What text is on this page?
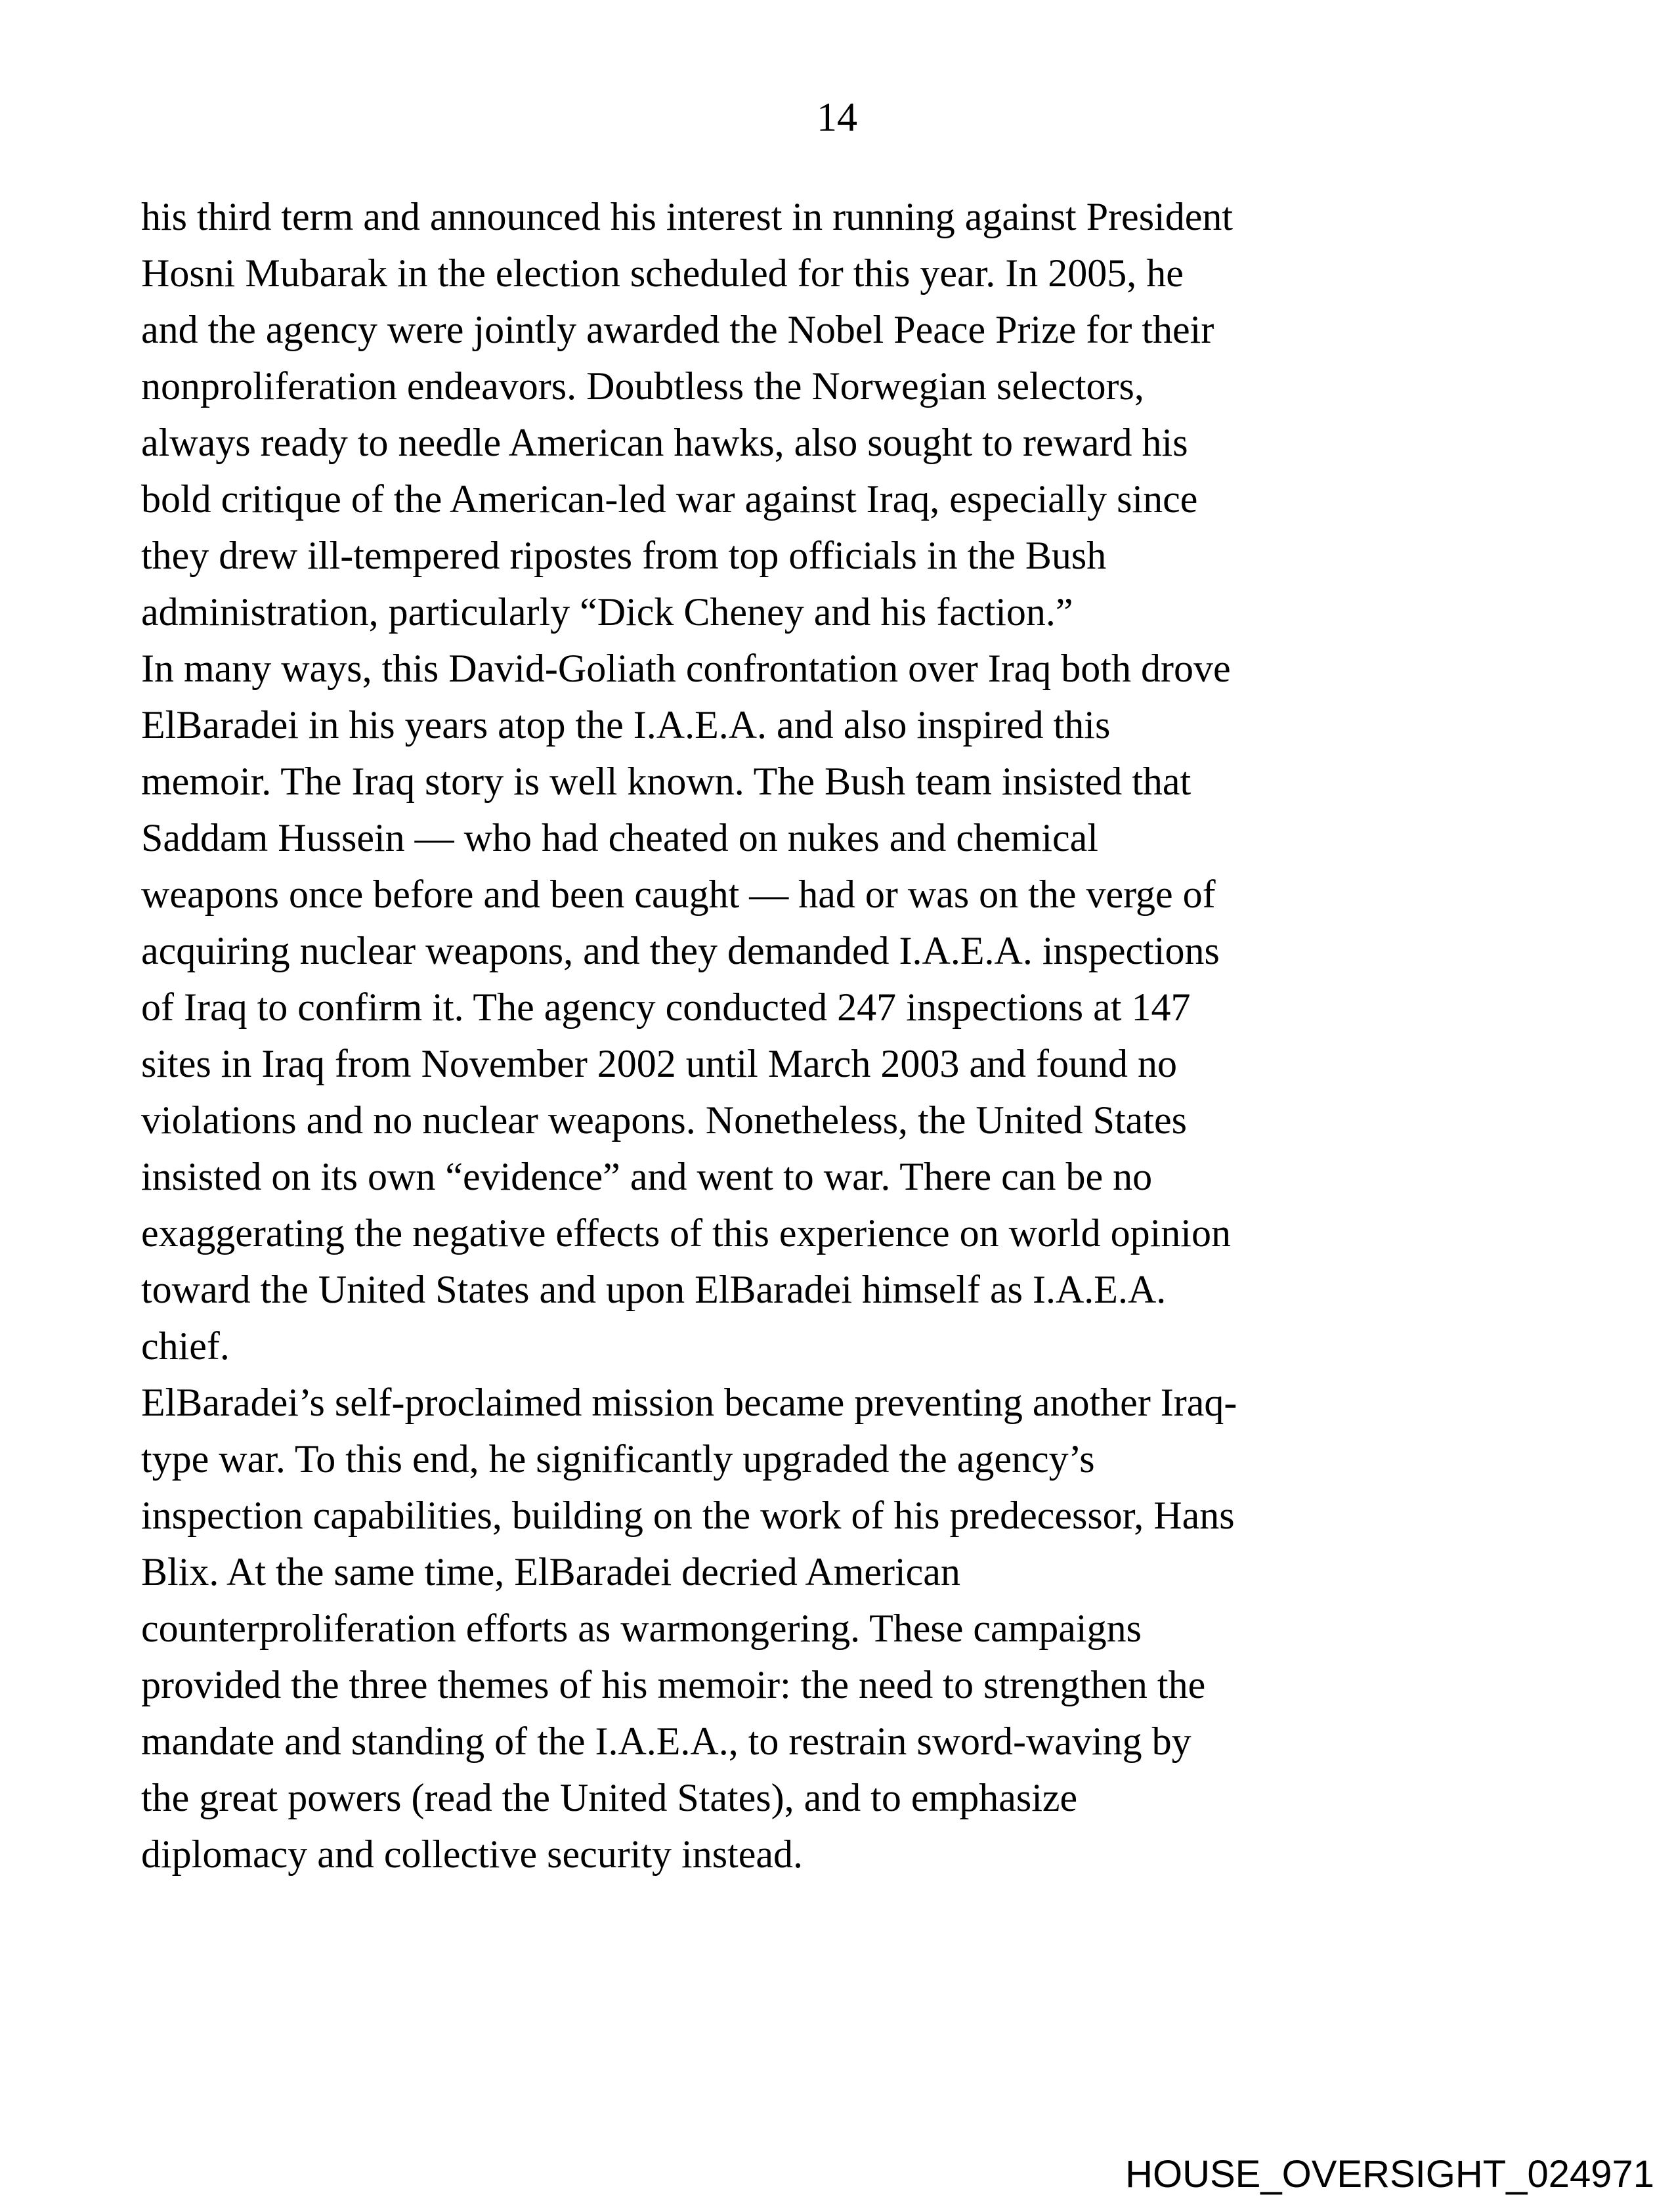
14
his third term and announced his interest in running against President
Hosni Mubarak in the election scheduled for this year. In 2005, he
and the agency were jointly awarded the Nobel Peace Prize for their
nonproliferation endeavors. Doubtless the Norwegian selectors,
always ready to needle American hawks, also sought to reward his
bold critique of the American-led war against Iraq, especially since
they drew ill-tempered ripostes from top officials in the Bush
administration, particularly “Dick Cheney and his faction.”
In many ways, this David-Goliath confrontation over Iraq both drove
ElBaradei in his years atop the I.A.E.A. and also inspired this
memoir. The Iraq story is well known. The Bush team insisted that
Saddam Hussein — who had cheated on nukes and chemical
weapons once before and been caught — had or was on the verge of
acquiring nuclear weapons, and they demanded I.A.E.A. inspections
of Iraq to confirm it. The agency conducted 247 inspections at 147
sites in Iraq from November 2002 until March 2003 and found no
violations and no nuclear weapons. Nonetheless, the United States
insisted on its own “evidence” and went to war. There can be no
exaggerating the negative effects of this experience on world opinion
toward the United States and upon ElBaradei himself as I.A.E.A.
chief.
ElBaradei’s self-proclaimed mission became preventing another Iraq-
type war. To this end, he significantly upgraded the agency’s
inspection capabilities, building on the work of his predecessor, Hans
Blix. At the same time, ElBaradei decried American
counterproliferation efforts as warmongering. These campaigns
provided the three themes of his memoir: the need to strengthen the
mandate and standing of the I.A.E.A., to restrain sword-waving by
the great powers (read the United States), and to emphasize
diplomacy and collective security instead.
HOUSE_OVERSIGHT_024971
